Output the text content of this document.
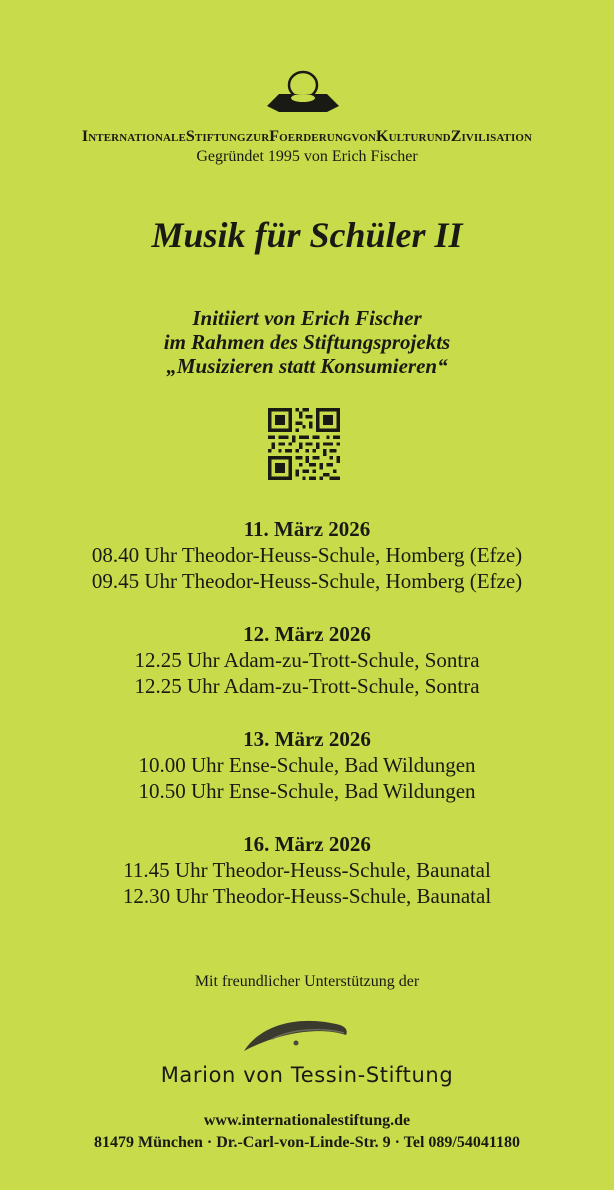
InternationaleStiftungzurFoerderungvonKulturundZivilisation
Gegründet 1995 von Erich Fischer
Musik für Schüler II
Initiiert von Erich Fischer
im Rahmen des Stiftungsprojekts
„Musizieren statt Konsumieren“
11. März 2026
08.40 Uhr Theodor-Heuss-Schule, Homberg (Efze)
09.45 Uhr Theodor-Heuss-Schule, Homberg (Efze)
12. März 2026
12.25 Uhr Adam-zu-Trott-Schule, Sontra
12.25 Uhr Adam-zu-Trott-Schule, Sontra
13. März 2026
10.00 Uhr Ense-Schule, Bad Wildungen
10.50 Uhr Ense-Schule, Bad Wildungen
16. März 2026
11.45 Uhr Theodor-Heuss-Schule, Baunatal
12.30 Uhr Theodor-Heuss-Schule, Baunatal
Mit freundlicher Unterstützung der
Marion von Tessin-Stiftung
www.internationalestiftung.de
81479 München · Dr.-Carl-von-Linde-Str. 9 · Tel 089/54041180
